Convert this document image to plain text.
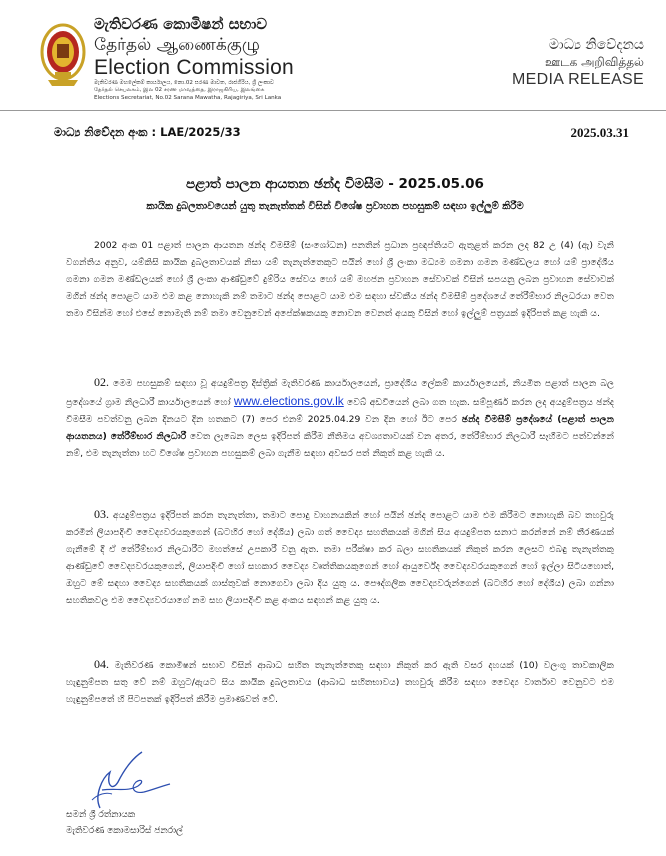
මැතිවරණ කොමිෂන් සභාව
தேர்தல் ஆணைக்குழு
Election Commission
මැතිවරණ මහලේකම් කාර්යාලය, නො.02 සරණ මාවත, රාජගිරිය, ශ්‍රී ලංකාව
தேர்தல் செயலகம், இல 02 சரண மாவத்தை, இராஜகிரிய, இலங்கை
Elections Secretariat, No.02 Sarana Mawatha, Rajagiriya, Sri Lanka
මාධ්‍ය නිවේදනය
ஊடக அறிவித்தல்
MEDIA RELEASE
මාධ්‍ය නිවේදන අංක : LAE/2025/33	2025.03.31
පළාත් පාලන ආයතන ඡන්ද විමසීම - 2025.05.06
කායික දුබලතාවයෙන් යුතු තැනැත්තන් විසින් විශේෂ ප්‍රවාහන පහසුකම් සඳහා ඉල්ලුම් කිරීම
2002 අංක 01 පළාත් පාලන ආයතන ඡන්ද විමසීම් (සංශෝධන) පනතින් ප්‍රධාන ප්‍රඥප්තියට ඇතුළත් කරන ලද 82 උ (4) (ඇ) වැනි වගන්තිය අනුව, යම්කිසි කායික දුබලතාවයක් නිසා යම් තැනැත්තෙකුට පයින් හෝ ශ්‍රී ලංකා මධ්‍යම ගමනා ගමන මණ්ඩලය හෝ යම් ප්‍රාදේශීය ගමනා ගමන මණ්ඩලයක් හෝ ශ්‍රී ලංකා ආණ්ඩුවේ දුම්රිය සේවය හෝ යම් මහජන ප්‍රවාහන සේවාවක් විසින් සපයනු ලබන ප්‍රවාහන සේවාවක් මගින් ඡන්ද පොළට යාම එම කළ නොහැකි නම් තමාට ඡන්ද පොළට යාම එම සඳහා ස්වකීය ඡන්ද විමසීම් ප්‍රදේශයේ තේරීම්භාර නිලධරයා වෙත තමා විසින්ම හෝ එසේ නොමැති නම් තමා වෙනුවෙන් අපේක්ෂකයකු නොවන වෙනත් අයකු විසින් හෝ ඉල්ලුම් පත්‍රයක් ඉදිරිපත් කළ හැකි ය.
02. මෙම පහසුකම් සඳහා වූ අයදුම්පත්‍ර දිස්ත්‍රික් මැතිවරණ කාර්යාලයෙන්, ප්‍රාදේශීය ලේකම් කාර්යාලයෙන්, නියමිත පළාත් පාලන බල ප්‍රදේශයේ ග්‍රාම නිලධාරී කාර්යාලයෙන් හෝ www.elections.gov.lk වෙබ් අඩවියෙන් ලබා ගත හැක. සම්පූර්ණ කරන ලද අයදුම්පත්‍රය ඡන්ද විමසීම පවත්වනු ලබන දිනයට දින හතකට (7) පෙර එනම් 2025.04.29 වන දින හෝ ඊට පෙර ඡන්ද විමසීම් ප්‍රදේශයේ (පළාත් පාලන ආයතනය) තේරීම්භාර නිලධාරී වෙත ලැබෙන ලෙස ඉදිරිපත් කිරීම නීතිමය අවශ්‍යතාවයක් වන අතර, තේරීම්භාර නිලධාරී සෑහීමට පත්වන්නේ නම්, එම තැනැත්තා හට විශේෂ ප්‍රවාහන පහසුකම් ලබා ගැනීම සඳහා අවසර පත් නිකුත් කළ හැකි ය.
03. අයදුම්පත්‍රය ඉදිරිපත් කරන තැනැත්තා, තමාට පොදු වාහනයකින් හෝ පයින් ඡන්ද පොළට යාම එම කිරීමට නොහැකි බව තහවුරු කරමින් ලියාපදිංචි වෛද්‍යවරයකුගෙන් (බටහිර හෝ දේශීය) ලබා ගත් වෛද්‍ය සහතිකයක් මගින් සිය අයදුම්පත සනාථ කරන්නේ නම් තීරණයක් ගැනීමේ දී ඒ තේරීම්භාර නිලධාරීට මහත්සේ උපකාරී වනු ඇත. තමා පරීක්ෂා කර බලා සහතිකයක් නිකුත් කරන ලෙසට එබඳු තැනැත්තකු ආණ්ඩුවේ වෛද්‍යවරයකුගෙන්, ලියාපදිංචි හෝ සහකාර වෛද්‍ය වෘත්තිකයකුගෙන් හෝ ආයුර්වේද වෛද්‍යවරයකුගෙන් හෝ ඉල්ලා සිටියහොත්, ඔහුට මේ සඳහා වෛද්‍ය සහතිකයක් ගාස්තුවක් නොගෙවා ලබා දිය යුතු ය. පෞද්ගලික වෛද්‍යවරුන්ගෙන් (බටහිර හෝ දේශීය) ලබා ගන්නා සහතිකවල එම වෛද්‍යවරයාගේ නම සහ ලියාපදිංචි කළ අංකය සඳහන් කළ යුතු ය.
04. මැතිවරණ කොමිෂන් සභාව විසින් ආබාධ සහිත තැනැත්තෙකු සඳහා නිකුත් කර ඇති වසර දහයක් (10) වලංගු තාවකාලික හැඳුනුම්පත සතු වේ නම් ඔහුට/ඇයට සිය කායික දුබලතාවය (ආබාධ සහිතභාවය) තහවුරු කිරීම සඳහා වෛද්‍ය වාර්තාව වෙනුවට එම හැඳුනුම්පතේ හි පිටපතක් ඉදිරිපත් කිරීම ප්‍රමාණවත් වේ.
සමන් ශ්‍රී රත්නායක
මැතිවරණ කොමසාරිස් ජනරාල්
